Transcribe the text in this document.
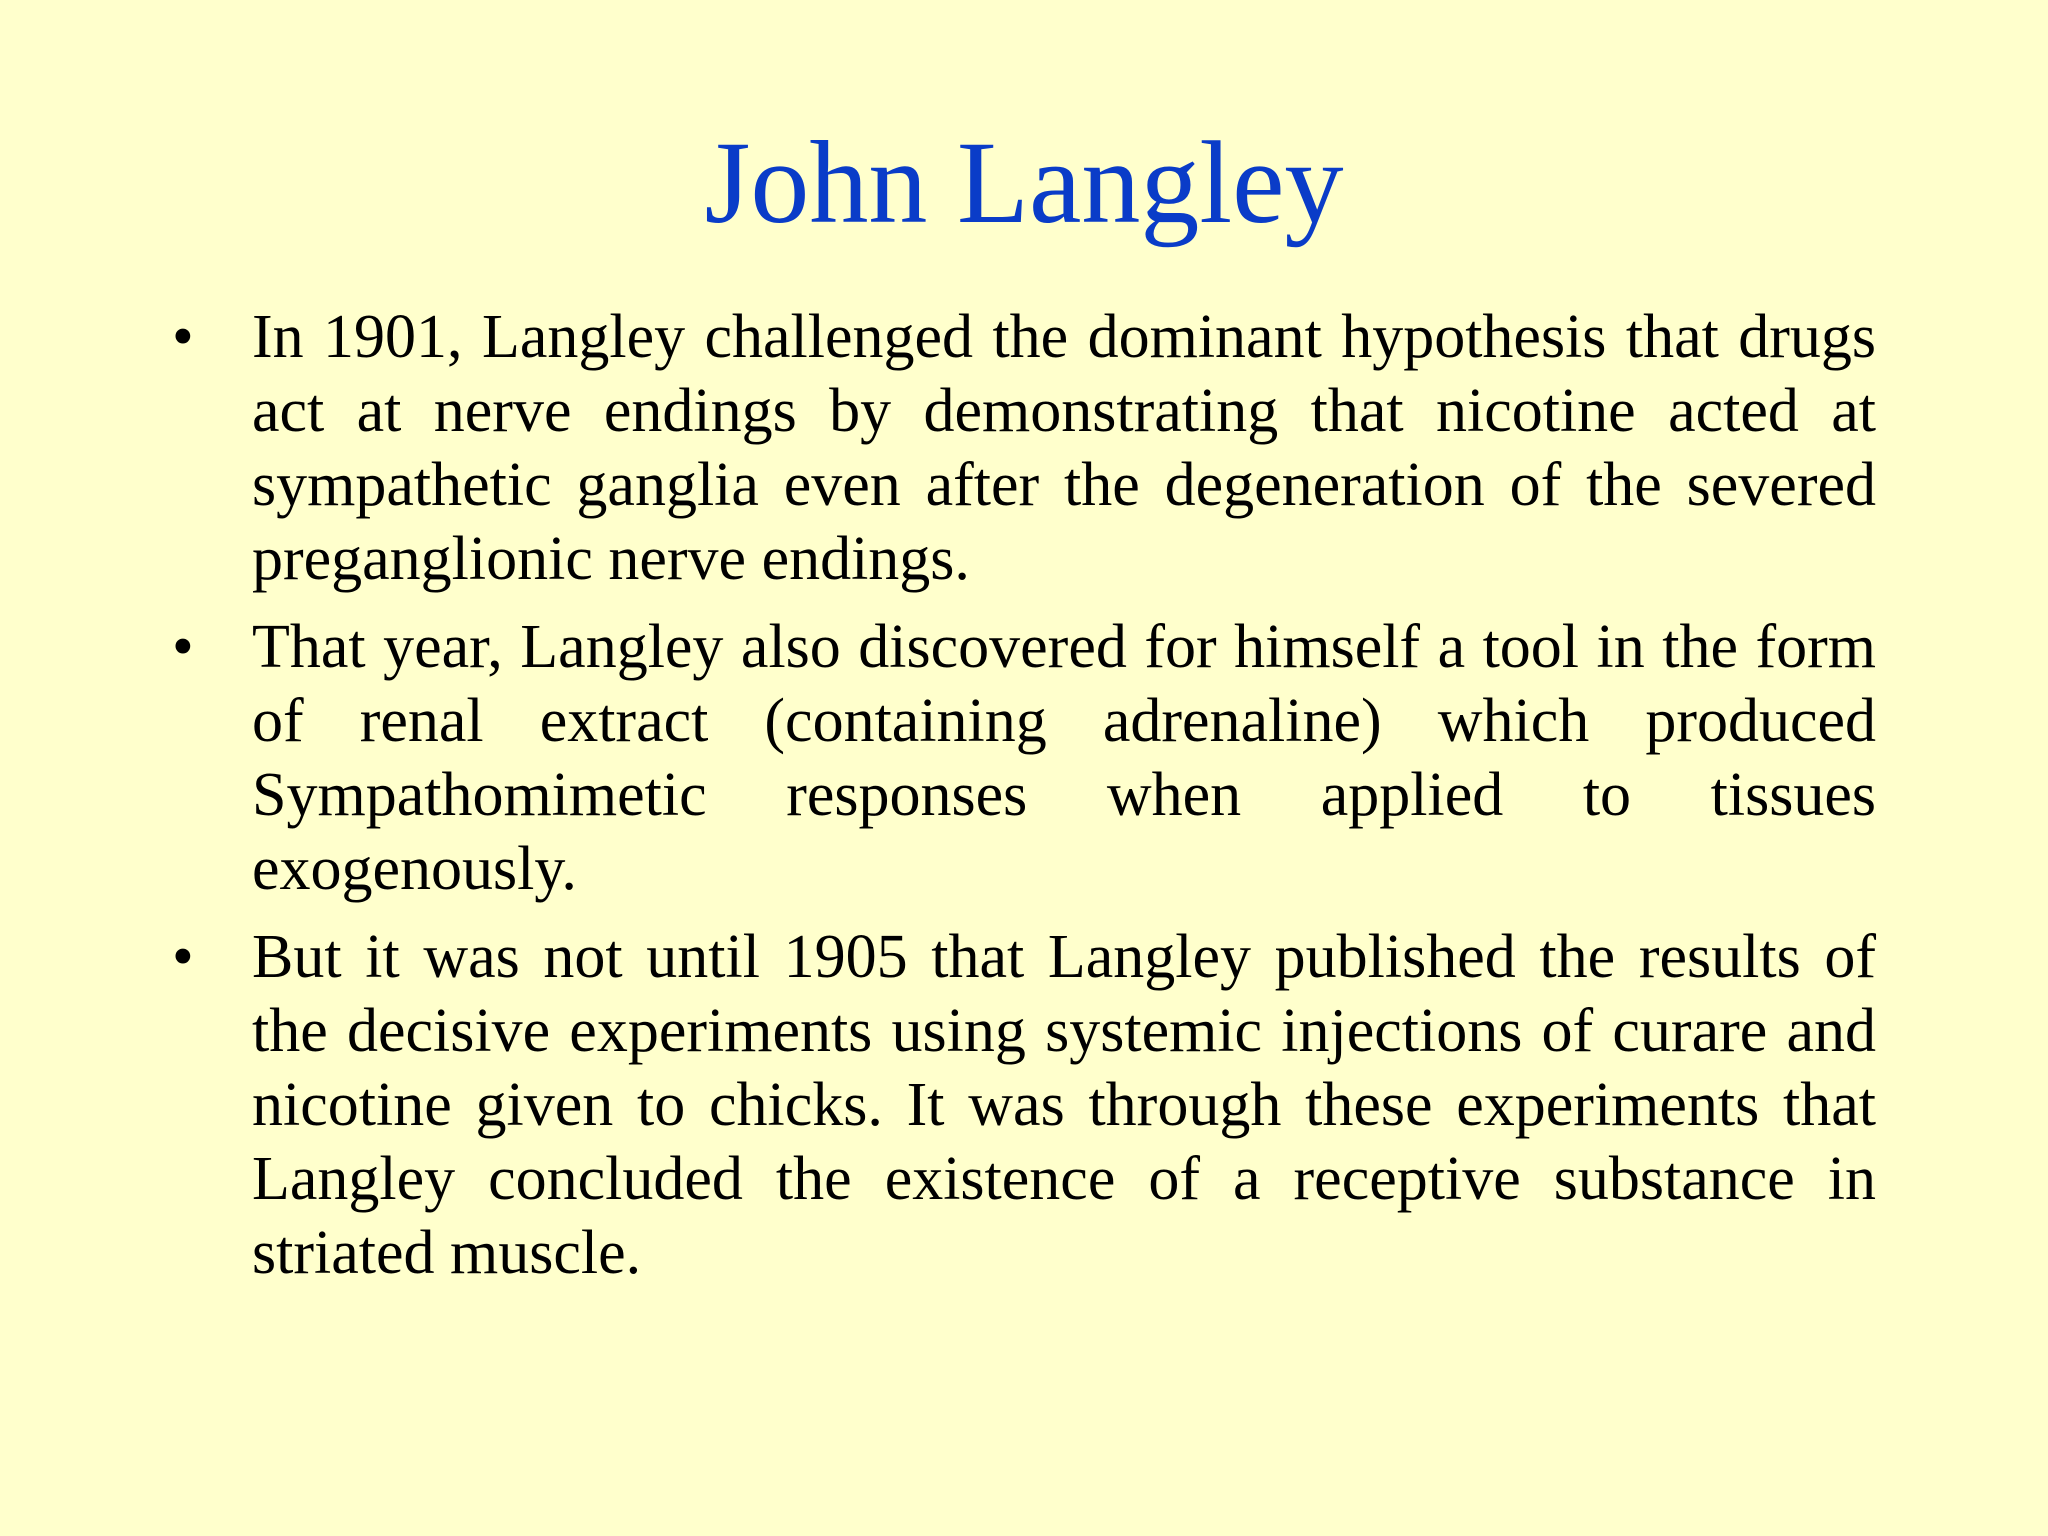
John Langley
• In 1901, Langley challenged the dominant hypothesis that drugs act at nerve endings by demonstrating that nicotine acted at sympathetic ganglia even after the degeneration of the severed preganglionic nerve endings.
• That year, Langley also discovered for himself a tool in the form of renal extract (containing adrenaline) which produced Sympathomimetic responses when applied to tissues exogenously.
• But it was not until 1905 that Langley published the results of the decisive experiments using systemic injections of curare and nicotine given to chicks. It was through these experiments that Langley concluded the existence of a receptive substance in striated muscle.
